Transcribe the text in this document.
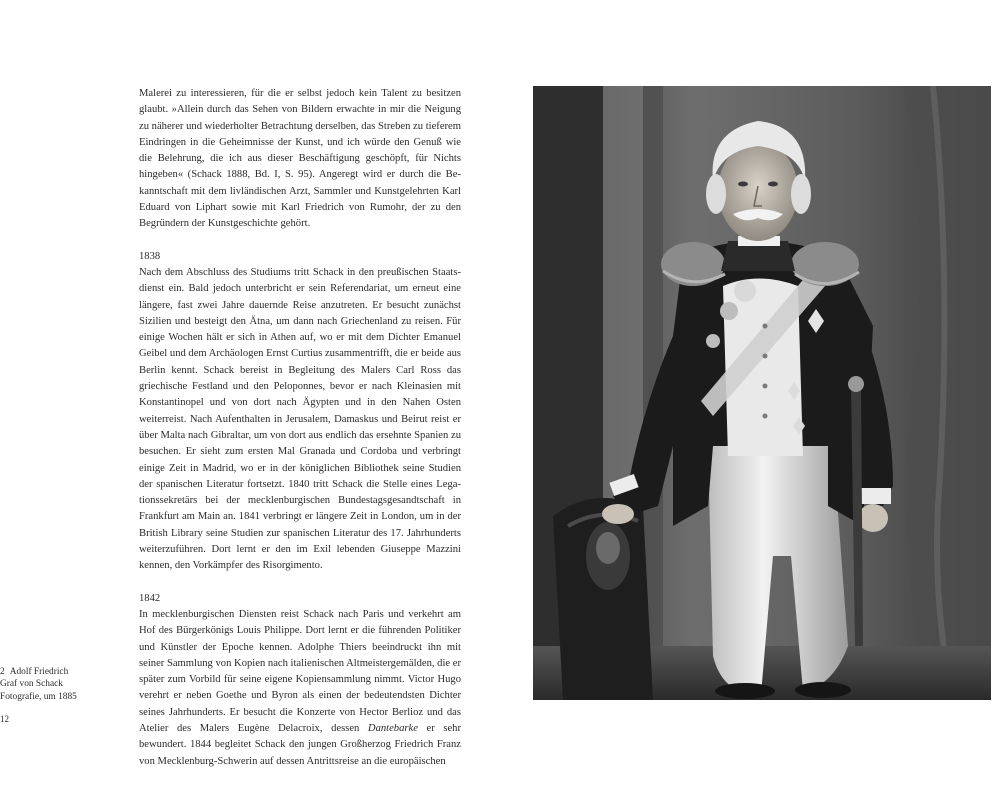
Malerei zu interessieren, für die er selbst jedoch kein Talent zu besitzen glaubt. »Allein durch das Sehen von Bildern erwachte in mir die Neigung zu näherer und wiederholter Betrachtung derselben, das Streben zu tieferem Eindringen in die Geheimnisse der Kunst, und ich würde den Genuß wie die Belehrung, die ich aus dieser Beschäftigung geschöpft, für Nichts hingeben« (Schack 1888, Bd. I, S. 95). Angeregt wird er durch die Bekanntschaft mit dem livländischen Arzt, Sammler und Kunstgelehrten Karl Eduard von Liphart sowie mit Karl Friedrich von Rumohr, der zu den Begründern der Kunstgeschichte gehört.

1838

Nach dem Abschluss des Studiums tritt Schack in den preußischen Staatsdienst ein. Bald jedoch unterbricht er sein Referendariat, um erneut eine längere, fast zwei Jahre dauernde Reise anzutreten. Er besucht zunächst Sizilien und besteigt den Ätna, um dann nach Griechenland zu reisen. Für einige Wochen hält er sich in Athen auf, wo er mit dem Dichter Emanuel Geibel und dem Archäologen Ernst Curtius zusammentrifft, die er beide aus Berlin kennt. Schack bereist in Begleitung des Malers Carl Ross das griechische Festland und den Peloponnes, bevor er nach Kleinasien mit Konstantinopel und von dort nach Ägypten und in den Nahen Osten weiterreist. Nach Aufenthalten in Jerusalem, Damaskus und Beirut reist er über Malta nach Gibraltar, um von dort aus endlich das ersehnte Spanien zu besuchen. Er sieht zum ersten Mal Granada und Cordoba und verbringt einige Zeit in Madrid, wo er in der königlichen Bibliothek seine Studien der spanischen Literatur fortsetzt. 1840 tritt Schack die Stelle eines Legationssekretärs bei der mecklenburgischen Bundestagsgesandtschaft in Frankfurt am Main an. 1841 verbringt er längere Zeit in London, um in der British Library seine Studien zur spanischen Literatur des 17. Jahrhunderts weiterzuführen. Dort lernt er den im Exil lebenden Giuseppe Mazzini kennen, den Vorkämpfer des Risorgimento.

1842

In mecklenburgischen Diensten reist Schack nach Paris und verkehrt am Hof des Bürgerkönigs Louis Philippe. Dort lernt er die führenden Politiker und Künstler der Epoche kennen. Adolphe Thiers beeindruckt ihn mit seiner Sammlung von Kopien nach italienischen Altmeistergemälden, die er später zum Vorbild für seine eigene Kopiensammlung nimmt. Victor Hugo verehrt er neben Goethe und Byron als einen der bedeutendsten Dichter seines Jahrhunderts. Er besucht die Konzerte von Hector Berlioz und das Atelier des Malers Eugène Delacroix, dessen Dantebarke er sehr bewundert. 1844 begleitet Schack den jungen Großherzog Friedrich Franz von Mecklenburg-Schwerin auf dessen Antrittsreise an die europäischen

2 Adolf Friedrich
Graf von Schack
Fotografie, um 1885
12
